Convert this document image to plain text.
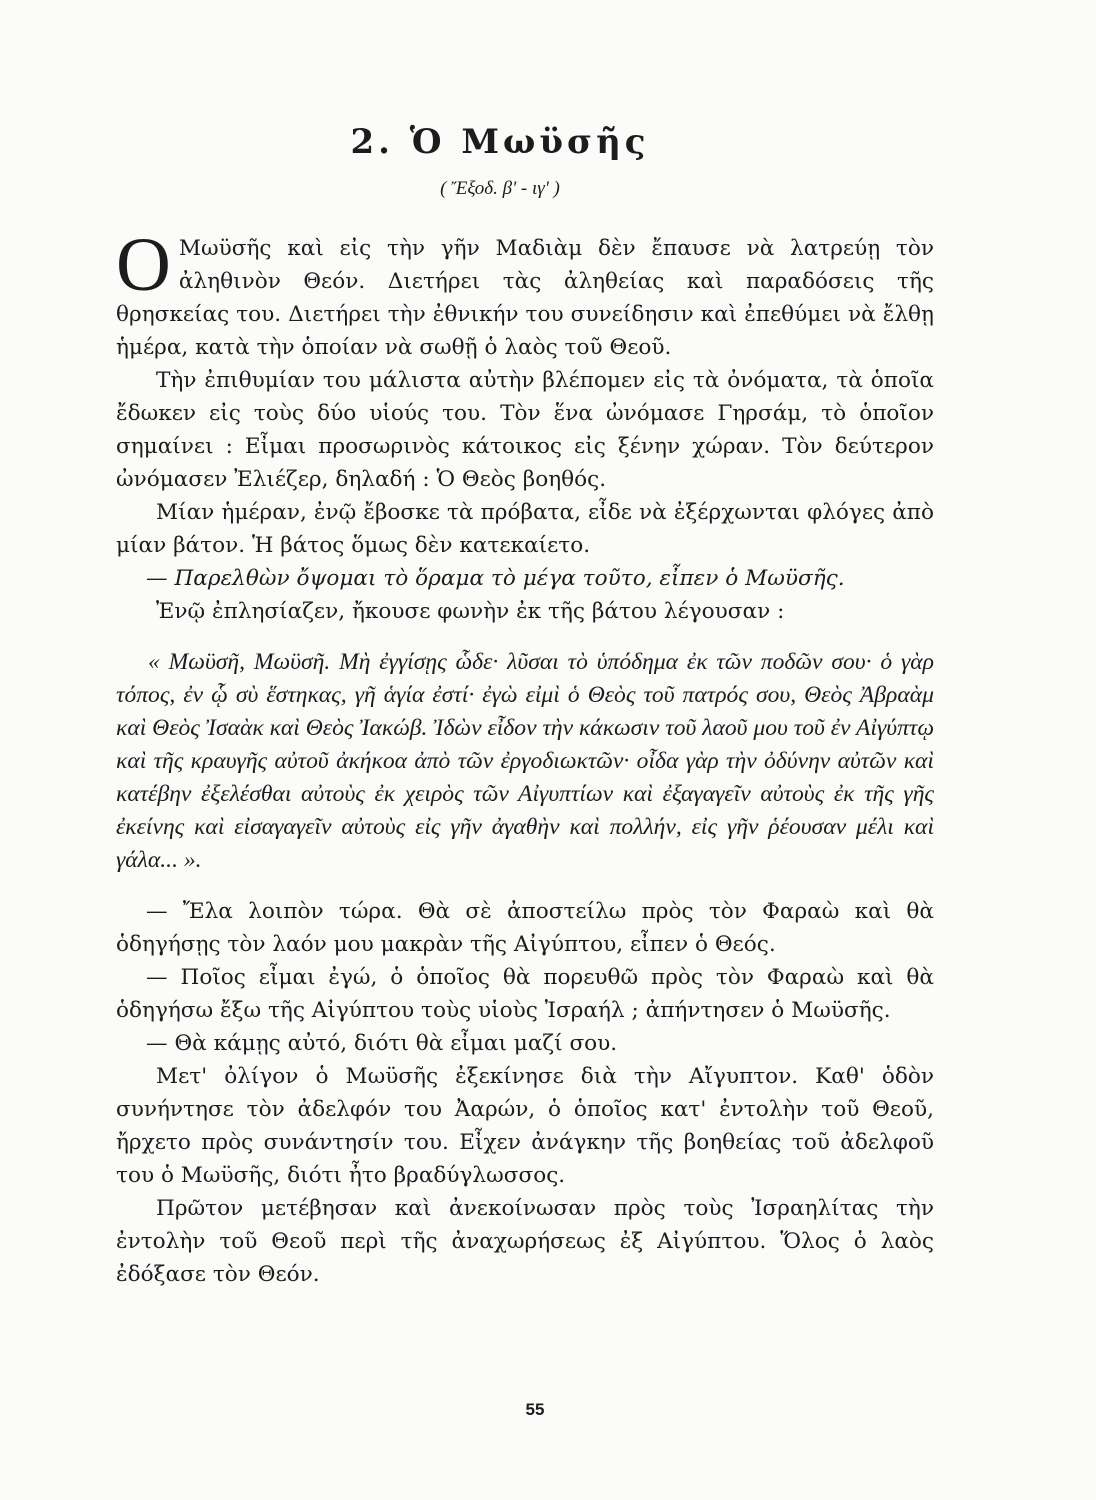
2. Ὁ Μωϋσῆς
( Ἔξοδ. β' - ιγ' )

Ο Μωϋσῆς καὶ εἰς τὴν γῆν Μαδιὰμ δὲν ἔπαυσε νὰ λατρεύῃ τὸν ἀληθινὸν Θεόν. Διετήρει τὰς ἀληθείας καὶ παραδόσεις τῆς θρησκείας του. Διετήρει τὴν ἐθνικήν του συνείδησιν καὶ ἐπεθύμει νὰ ἔλθῃ ἡμέρα, κατὰ τὴν ὁποίαν νὰ σωθῇ ὁ λαὸς τοῦ Θεοῦ.

Τὴν ἐπιθυμίαν του μάλιστα αὐτὴν βλέπομεν εἰς τὰ ὀνόματα, τὰ ὁποῖα ἔδωκεν εἰς τοὺς δύο υἱούς του. Τὸν ἕνα ὠνόμασε Γηρσάμ, τὸ ὁποῖον σημαίνει : Εἶμαι προσωρινὸς κάτοικος εἰς ξένην χώραν. Τὸν δεύτερον ὠνόμασεν Ἐλιέζερ, δηλαδή : Ὁ Θεὸς βοηθός.

Μίαν ἡμέραν, ἐνῷ ἔβοσκε τὰ πρόβατα, εἶδε νὰ ἐξέρχωνται φλόγες ἀπὸ μίαν βάτον. Ἡ βάτος ὅμως δὲν κατεκαίετο.

— Παρελθὼν ὄψομαι τὸ ὅραμα τὸ μέγα τοῦτο, εἶπεν ὁ Μωϋσῆς.

Ἐνῷ ἐπλησίαζεν, ἤκουσε φωνὴν ἐκ τῆς βάτου λέγουσαν :

« Μωϋσῆ, Μωϋσῆ. Μὴ ἐγγίσῃς ὧδε· λῦσαι τὸ ὑπόδημα ἐκ τῶν ποδῶν σου· ὁ γὰρ τόπος, ἐν ᾧ σὺ ἕστηκας, γῆ ἁγία ἐστί· ἐγὼ εἰμὶ ὁ Θεὸς τοῦ πατρός σου, Θεὸς Ἀβραὰμ καὶ Θεὸς Ἰσαὰκ καὶ Θεὸς Ἰακώβ. Ἰδὼν εἶδον τὴν κάκωσιν τοῦ λαοῦ μου τοῦ ἐν Αἰγύπτῳ καὶ τῆς κραυγῆς αὐτοῦ ἀκήκοα ἀπὸ τῶν ἐργοδιωκτῶν· οἶδα γὰρ τὴν ὀδύνην αὐτῶν καὶ κατέβην ἐξελέσθαι αὐτοὺς ἐκ χειρὸς τῶν Αἰγυπτίων καὶ ἐξαγαγεῖν αὐτοὺς ἐκ τῆς γῆς ἐκείνης καὶ εἰσαγαγεῖν αὐτοὺς εἰς γῆν ἀγαθὴν καὶ πολλήν, εἰς γῆν ῥέουσαν μέλι καὶ γάλα... ».

— Ἔλα λοιπὸν τώρα. Θὰ σὲ ἀποστείλω πρὸς τὸν Φαραὼ καὶ θὰ ὁδηγήσῃς τὸν λαόν μου μακρὰν τῆς Αἰγύπτου, εἶπεν ὁ Θεός.

— Ποῖος εἶμαι ἐγώ, ὁ ὁποῖος θὰ πορευθῶ πρὸς τὸν Φαραὼ καὶ θὰ ὁδηγήσω ἔξω τῆς Αἰγύπτου τοὺς υἱοὺς Ἰσραήλ ; ἀπήντησεν ὁ Μωϋσῆς.

— Θὰ κάμῃς αὐτό, διότι θὰ εἶμαι μαζί σου.

Μετ' ὀλίγον ὁ Μωϋσῆς ἐξεκίνησε διὰ τὴν Αἴγυπτον. Καθ' ὁδὸν συνήντησε τὸν ἀδελφόν του Ἀαρών, ὁ ὁποῖος κατ' ἐντολὴν τοῦ Θεοῦ, ἤρχετο πρὸς συνάντησίν του. Εἶχεν ἀνάγκην τῆς βοηθείας τοῦ ἀδελφοῦ του ὁ Μωϋσῆς, διότι ἦτο βραδύγλωσσος.

Πρῶτον μετέβησαν καὶ ἀνεκοίνωσαν πρὸς τοὺς Ἰσραηλίτας τὴν ἐντολὴν τοῦ Θεοῦ περὶ τῆς ἀναχωρήσεως ἐξ Αἰγύπτου. Ὅλος ὁ λαὸς ἐδόξασε τὸν Θεόν.

55
